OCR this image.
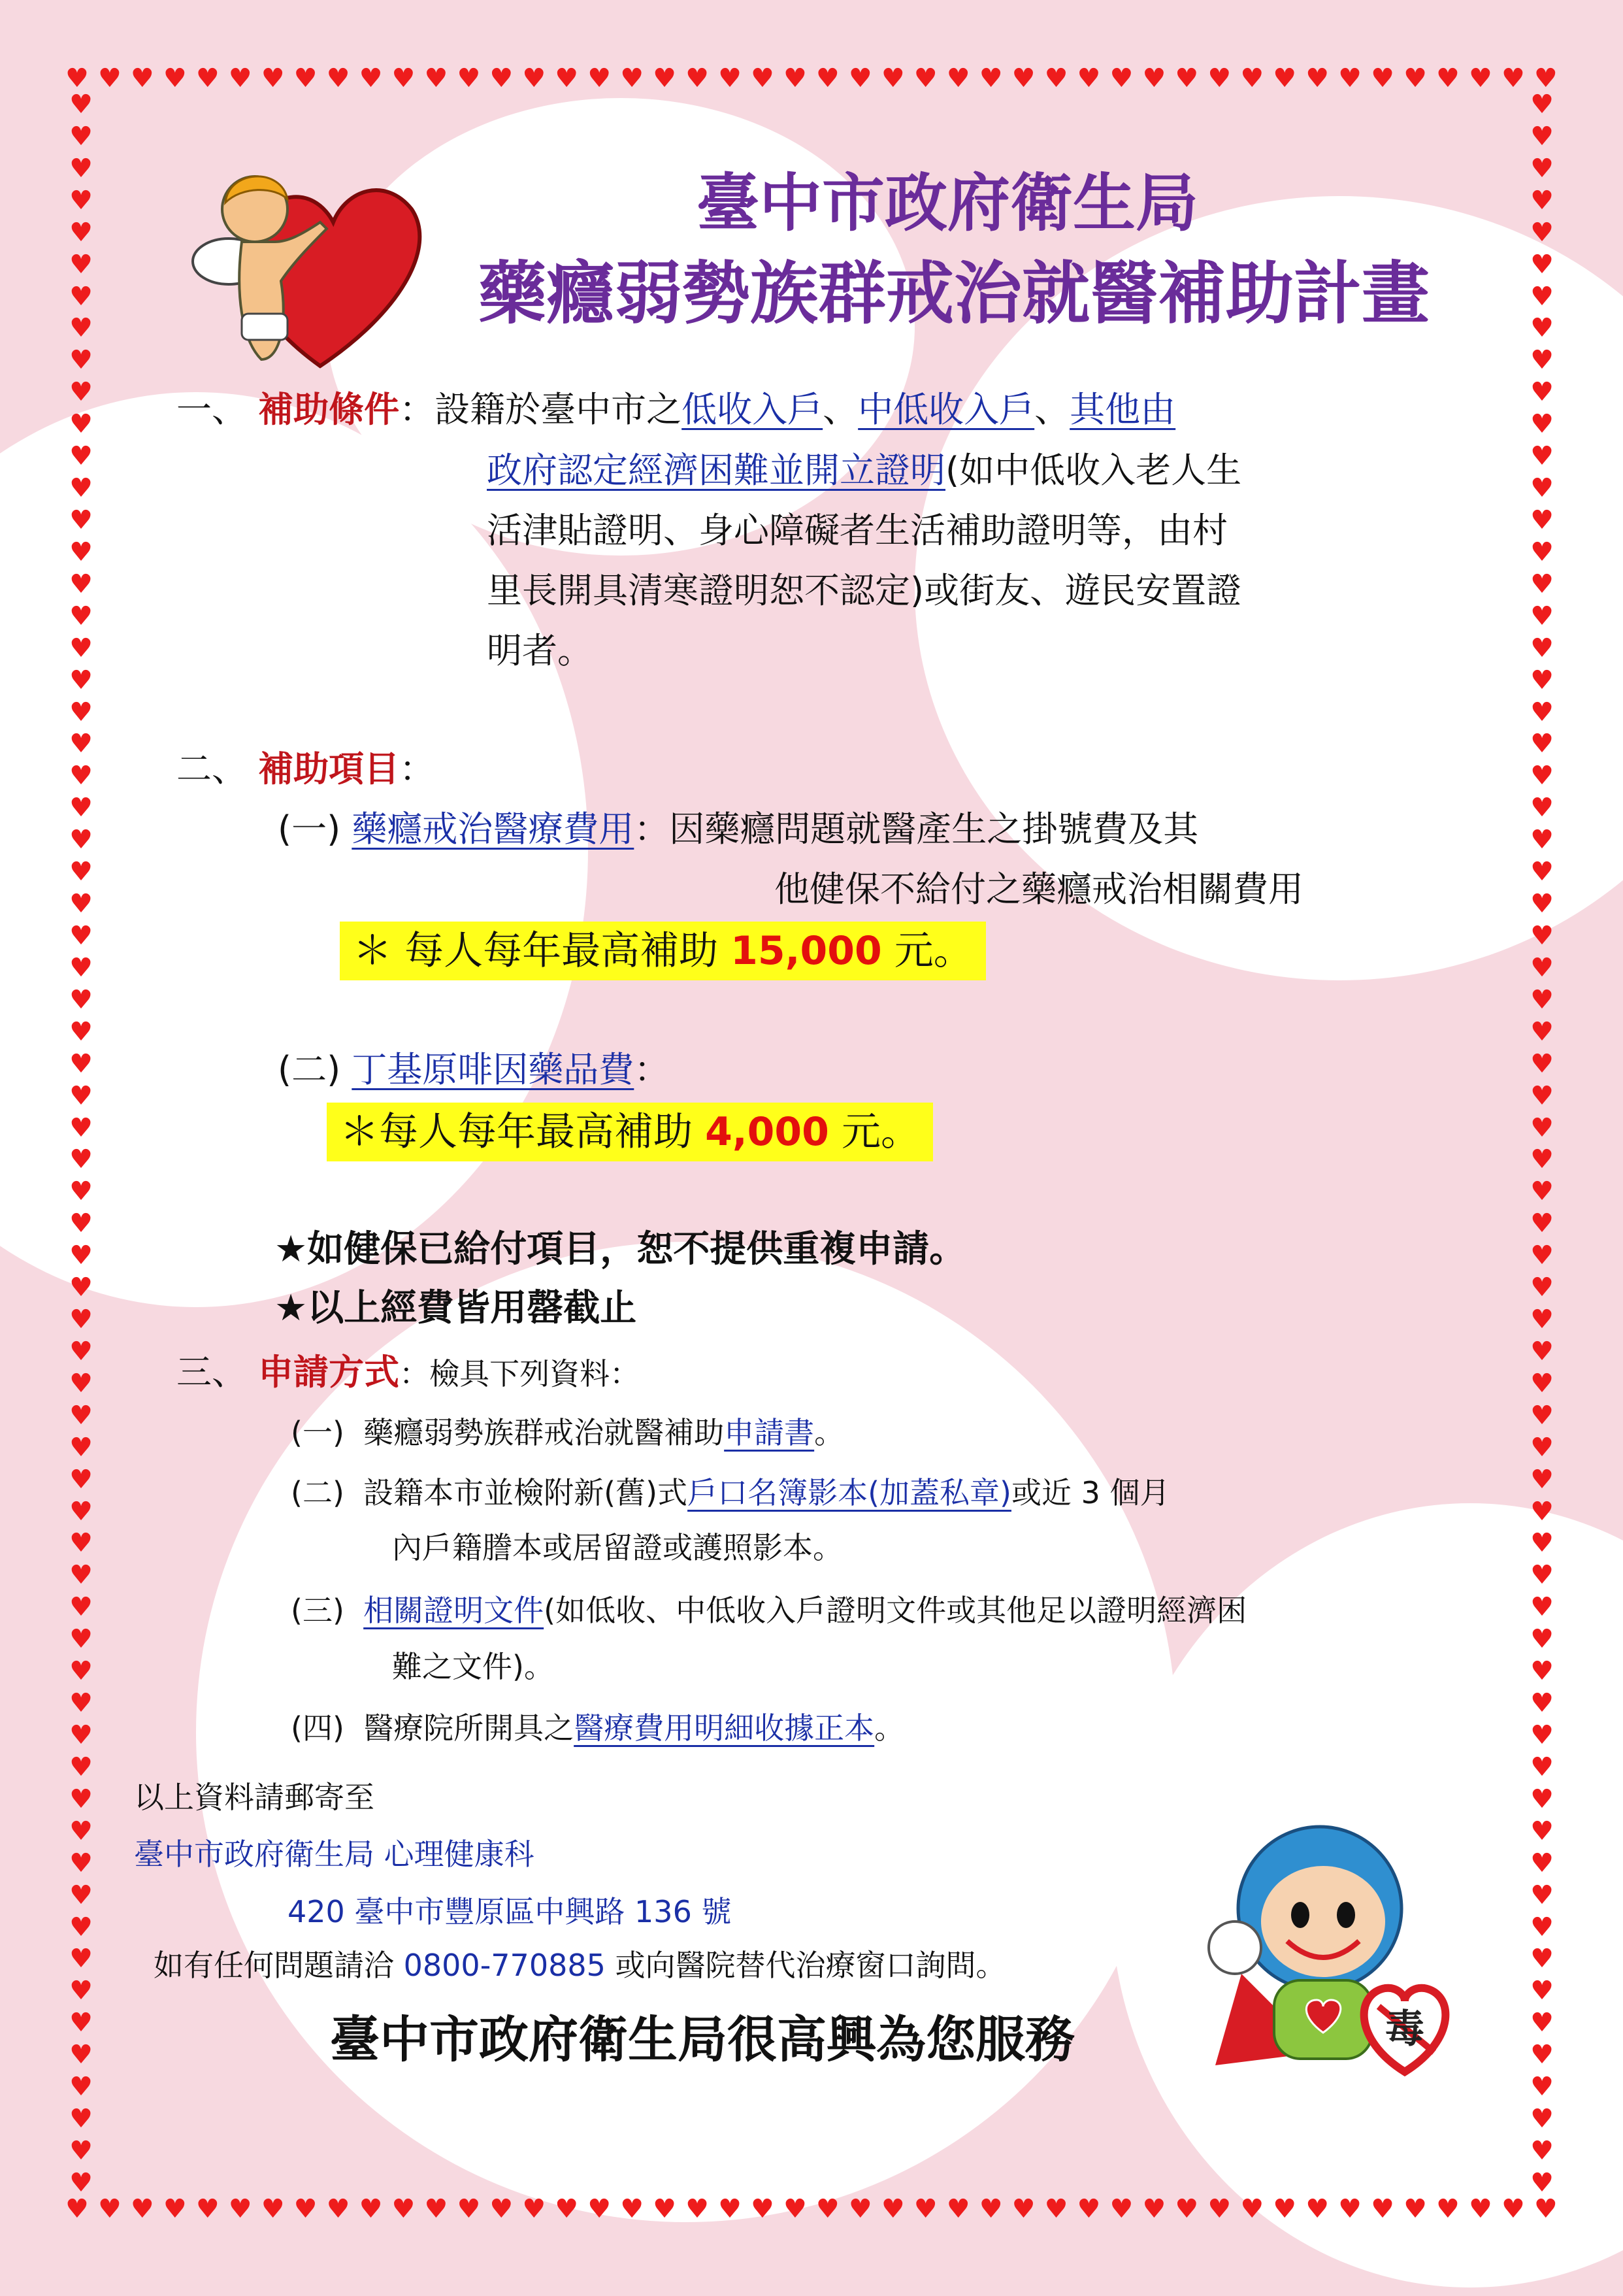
♥ ♥ ♥ ♥ ♥ ♥ ♥ ♥ ♥ ♥ ♥ ♥ ♥ ♥ ♥ ♥ ♥ ♥ ♥ ♥ ♥ ♥ ♥ ♥ ♥ ♥ ♥ ♥ ♥ ♥ ♥ ♥ ♥ ♥ ♥ ♥ ♥ ♥ ♥ ♥ ♥ ♥ ♥ ♥ ♥ ♥
♥ ♥ ♥ ♥ ♥ ♥ ♥ ♥ ♥ ♥ ♥ ♥ ♥ ♥ ♥ ♥ ♥ ♥ ♥ ♥ ♥ ♥ ♥ ♥ ♥ ♥ ♥ ♥ ♥ ♥ ♥ ♥ ♥ ♥ ♥ ♥ ♥ ♥ ♥ ♥ ♥ ♥ ♥ ♥ ♥ ♥
♥
♥
♥
♥
♥
♥
♥
♥
♥
♥
♥
♥
♥
♥
♥
♥
♥
♥
♥
♥
♥
♥
♥
♥
♥
♥
♥
♥
♥
♥
♥
♥
♥
♥
♥
♥
♥
♥
♥
♥
♥
♥
♥
♥
♥
♥
♥
♥
♥
♥
♥
♥
♥
♥
♥
♥
♥
♥
♥
♥
♥
♥
♥
♥
♥
♥
♥
♥
♥
♥
♥
♥
♥
♥
♥
♥
♥
♥
♥
♥
♥
♥
♥
♥
♥
♥
♥
♥
♥
♥
♥
♥
♥
♥
♥
♥
♥
♥
♥
♥
♥
♥
♥
♥
♥
♥
♥
♥
♥
♥
♥
♥
♥
♥
♥
♥
♥
♥
♥
♥
♥
♥
♥
♥
♥
♥
♥
♥
♥
♥
♥
♥
臺中市政府衛生局
藥癮弱勢族群戒治就醫補助計畫
一、 補助條件：設籍於臺中市之低收入戶、中低收入戶、其他由
政府認定經濟困難並開立證明(如中低收入老人生
活津貼證明、身心障礙者生活補助證明等，由村
里長開具清寒證明恕不認定)或街友、遊民安置證
明者。
二、 補助項目：
(一) 藥癮戒治醫療費用：因藥癮問題就醫產生之掛號費及其
他健保不給付之藥癮戒治相關費用
＊ 每人每年最高補助 15,000 元。
(二) 丁基原啡因藥品費：
＊每人每年最高補助 4,000 元。
★如健保已給付項目，恕不提供重複申請。
★以上經費皆用罄截止
三、 申請方式：檢具下列資料：
(一) 藥癮弱勢族群戒治就醫補助申請書。
(二) 設籍本市並檢附新(舊)式戶口名簿影本(加蓋私章)或近 3 個月
內戶籍謄本或居留證或護照影本。
(三) 相關證明文件(如低收、中低收入戶證明文件或其他足以證明經濟困
難之文件)。
(四) 醫療院所開具之醫療費用明細收據正本。
以上資料請郵寄至
臺中市政府衛生局 心理健康科
420 臺中市豐原區中興路 136 號
如有任何問題請洽 0800-770885 或向醫院替代治療窗口詢問。
臺中市政府衛生局很高興為您服務	毒
